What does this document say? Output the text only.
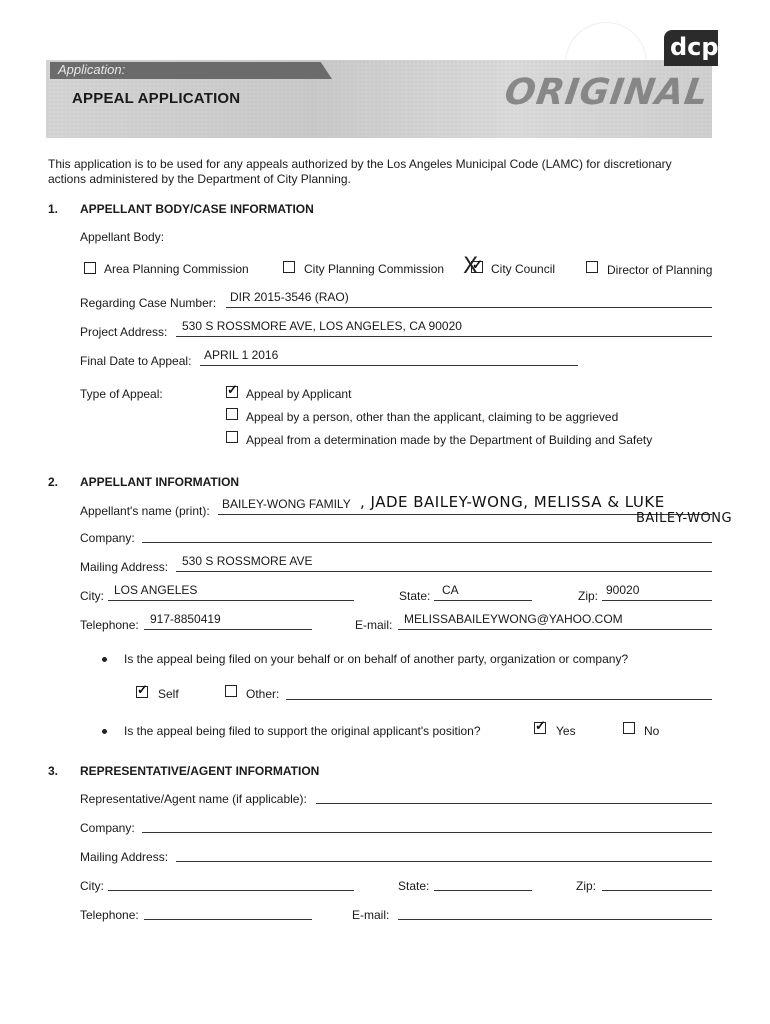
Application:
APPEAL APPLICATION	ORIGINAL
dcp
This application is to be used for any appeals authorized by the Los Angeles Municipal Code (LAMC) for discretionary
actions administered by the Department of City Planning.
1. APPELLANT BODY/CASE INFORMATION
Appellant Body:
Area Planning Commission	City Planning Commission ✓ X City Council	Director of Planning
Regarding Case Number: DIR 2015-3546 (RAO)
Project Address: 530 S ROSSMORE AVE, LOS ANGELES, CA 90020
Final Date to Appeal: APRIL 1 2016
Type of Appeal: ✓	Appeal by Applicant
Appeal by a person, other than the applicant, claiming to be aggrieved
Appeal from a determination made by the Department of Building and Safety
2. APPELLANT INFORMATION
Appellant's name (print): BAILEY-WONG FAMILY , JADE BAILEY-WONG, MELISSA & LUKE
BAILEY-WONG
Company:
Mailing Address: 530 S ROSSMORE AVE
City: LOS ANGELES	State: CA	Zip: 90020
Telephone: 917-8850419	E-mail: MELISSABAILEYWONG@YAHOO.COM
Is the appeal being filed on your behalf or on behalf of another party, organization or company?
✓
Self	Other:
Is the appeal being filed to support the original applicant's position? ✓	Yes	No
3. REPRESENTATIVE/AGENT INFORMATION
Representative/Agent name (if applicable):
Company:
Mailing Address:
City:	State:	Zip:
Telephone:	E-mail:
